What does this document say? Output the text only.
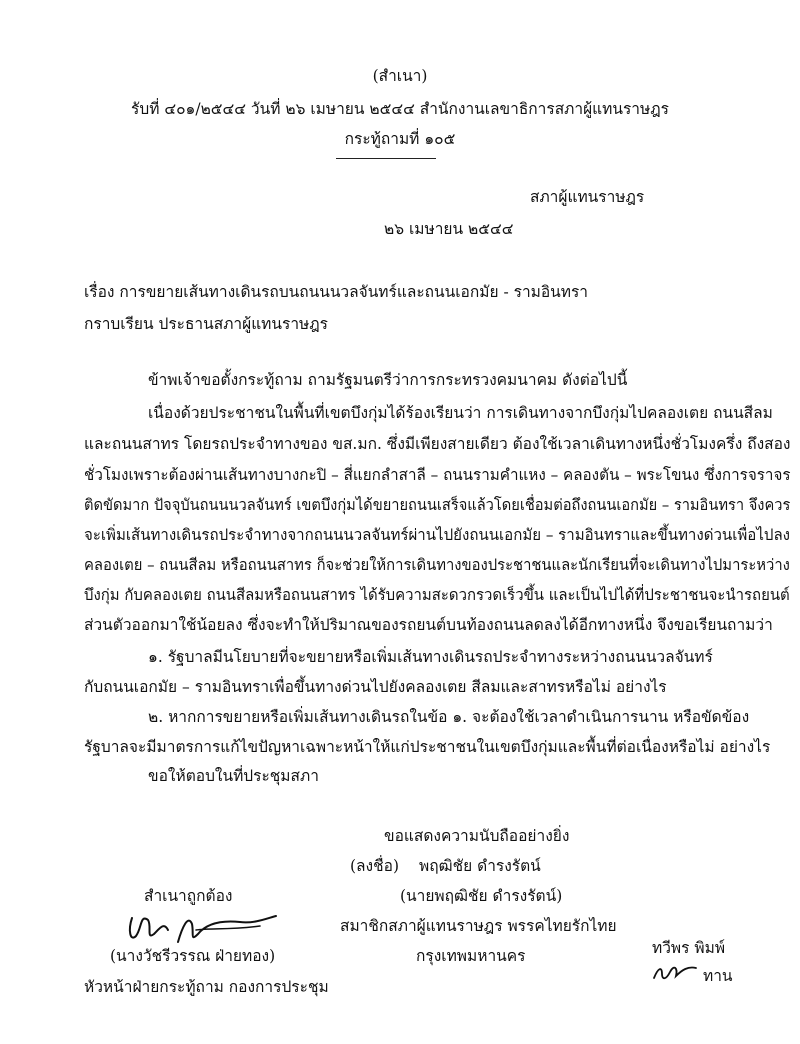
(สำเนา)
รับที่ ๔๐๑/๒๕๔๔ วันที่ ๒๖ เมษายน ๒๕๔๔ สำนักงานเลขาธิการสภาผู้แทนราษฎร
กระทู้ถามที่ ๑๐๕
สภาผู้แทนราษฎร
๒๖ เมษายน ๒๕๔๔
เรื่อง การขยายเส้นทางเดินรถบนถนนนวลจันทร์และถนนเอกมัย - รามอินทรา
กราบเรียน ประธานสภาผู้แทนราษฎร
ข้าพเจ้าขอตั้งกระทู้ถาม ถามรัฐมนตรีว่าการกระทรวงคมนาคม ดังต่อไปนี้
เนื่องด้วยประชาชนในพื้นที่เขตบึงกุ่มได้ร้องเรียนว่า การเดินทางจากบึงกุ่มไปคลองเตย ถนนสีลม
และถนนสาทร โดยรถประจำทางของ ขส.มก. ซึ่งมีเพียงสายเดียว ต้องใช้เวลาเดินทางหนึ่งชั่วโมงครึ่ง ถึงสอง
ชั่วโมงเพราะต้องผ่านเส้นทางบางกะปิ – สี่แยกลำสาลี – ถนนรามคำแหง – คลองตัน – พระโขนง ซึ่งการจราจร
ติดขัดมาก ปัจจุบันถนนนวลจันทร์ เขตบึงกุ่มได้ขยายถนนเสร็จแล้วโดยเชื่อมต่อถึงถนนเอกมัย – รามอินทรา จึงควร
จะเพิ่มเส้นทางเดินรถประจำทางจากถนนนวลจันทร์ผ่านไปยังถนนเอกมัย – รามอินทราและขึ้นทางด่วนเพื่อไปลง
คลองเตย – ถนนสีลม หรือถนนสาทร ก็จะช่วยให้การเดินทางของประชาชนและนักเรียนที่จะเดินทางไปมาระหว่าง
บึงกุ่ม กับคลองเตย ถนนสีลมหรือถนนสาทร ได้รับความสะดวกรวดเร็วขึ้น และเป็นไปได้ที่ประชาชนจะนำรถยนต์
ส่วนตัวออกมาใช้น้อยลง ซึ่งจะทำให้ปริมาณของรถยนต์บนท้องถนนลดลงได้อีกทางหนึ่ง จึงขอเรียนถามว่า
๑. รัฐบาลมีนโยบายที่จะขยายหรือเพิ่มเส้นทางเดินรถประจำทางระหว่างถนนนวลจันทร์
กับถนนเอกมัย – รามอินทราเพื่อขึ้นทางด่วนไปยังคลองเตย สีลมและสาทรหรือไม่ อย่างไร
๒. หากการขยายหรือเพิ่มเส้นทางเดินรถในข้อ ๑. จะต้องใช้เวลาดำเนินการนาน หรือขัดข้อง
รัฐบาลจะมีมาตรการแก้ไขปัญหาเฉพาะหน้าให้แก่ประชาชนในเขตบึงกุ่มและพื้นที่ต่อเนื่องหรือไม่ อย่างไร
ขอให้ตอบในที่ประชุมสภา
ขอแสดงความนับถืออย่างยิ่ง
(ลงชื่อ) พฤฒิชัย ดำรงรัตน์
(นายพฤฒิชัย ดำรงรัตน์)
สมาชิกสภาผู้แทนราษฎร พรรคไทยรักไทย
กรุงเทพมหานคร
สำเนาถูกต้อง
(นางวัชรีวรรณ ฝ่ายทอง)
หัวหน้าฝ่ายกระทู้ถาม กองการประชุม
ทวีพร พิมพ์
ทาน
